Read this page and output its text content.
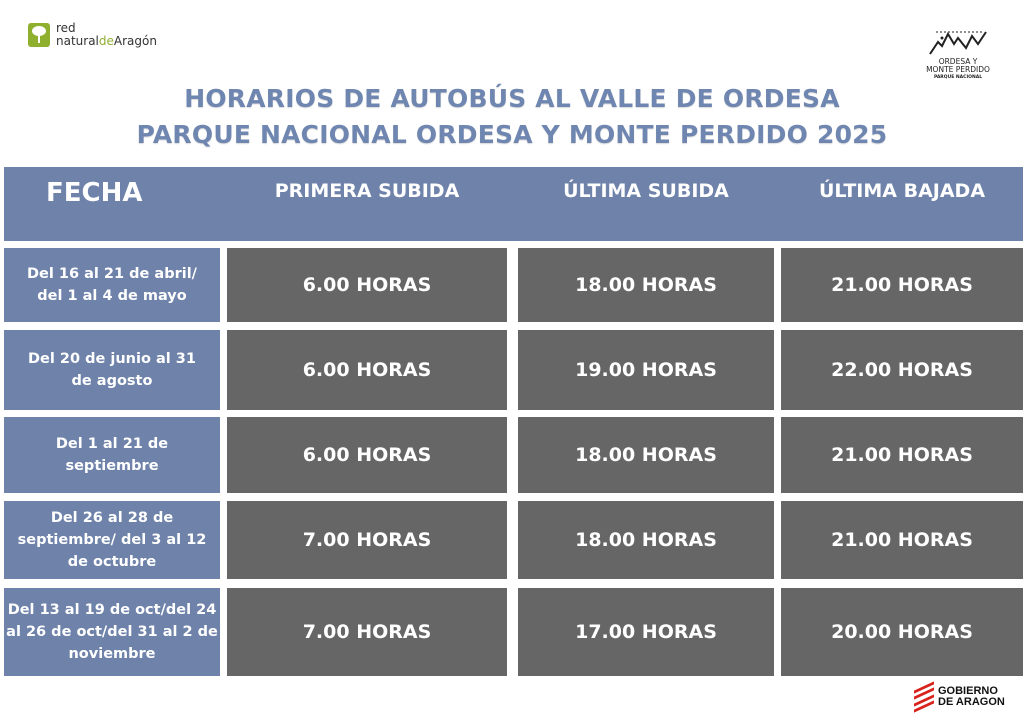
red
naturaldeAragón
ORDESA Y
MONTE PERDIDO
PARQUE NACIONAL
HORARIOS DE AUTOBÚS AL VALLE DE ORDESA
PARQUE NACIONAL ORDESA Y MONTE PERDIDO 2025
FECHA	PRIMERA SUBIDA	ÚLTIMA SUBIDA	ÚLTIMA BAJADA
Del 16 al 21 de abril/
del 1 al 4 de mayo	6.00 HORAS	18.00 HORAS	21.00 HORAS
Del 20 de junio al 31
de agosto	6.00 HORAS	19.00 HORAS	22.00 HORAS
Del 1 al 21 de
septiembre	6.00 HORAS	18.00 HORAS	21.00 HORAS
Del 26 al 28 de
septiembre/ del 3 al 12
de octubre
7.00 HORAS	18.00 HORAS	21.00 HORAS
Del 13 al 19 de oct/del 24
al 26 de oct/del 31 al 2 de
noviembre
7.00 HORAS	17.00 HORAS	20.00 HORAS
GOBIERNO
DE ARAGON
